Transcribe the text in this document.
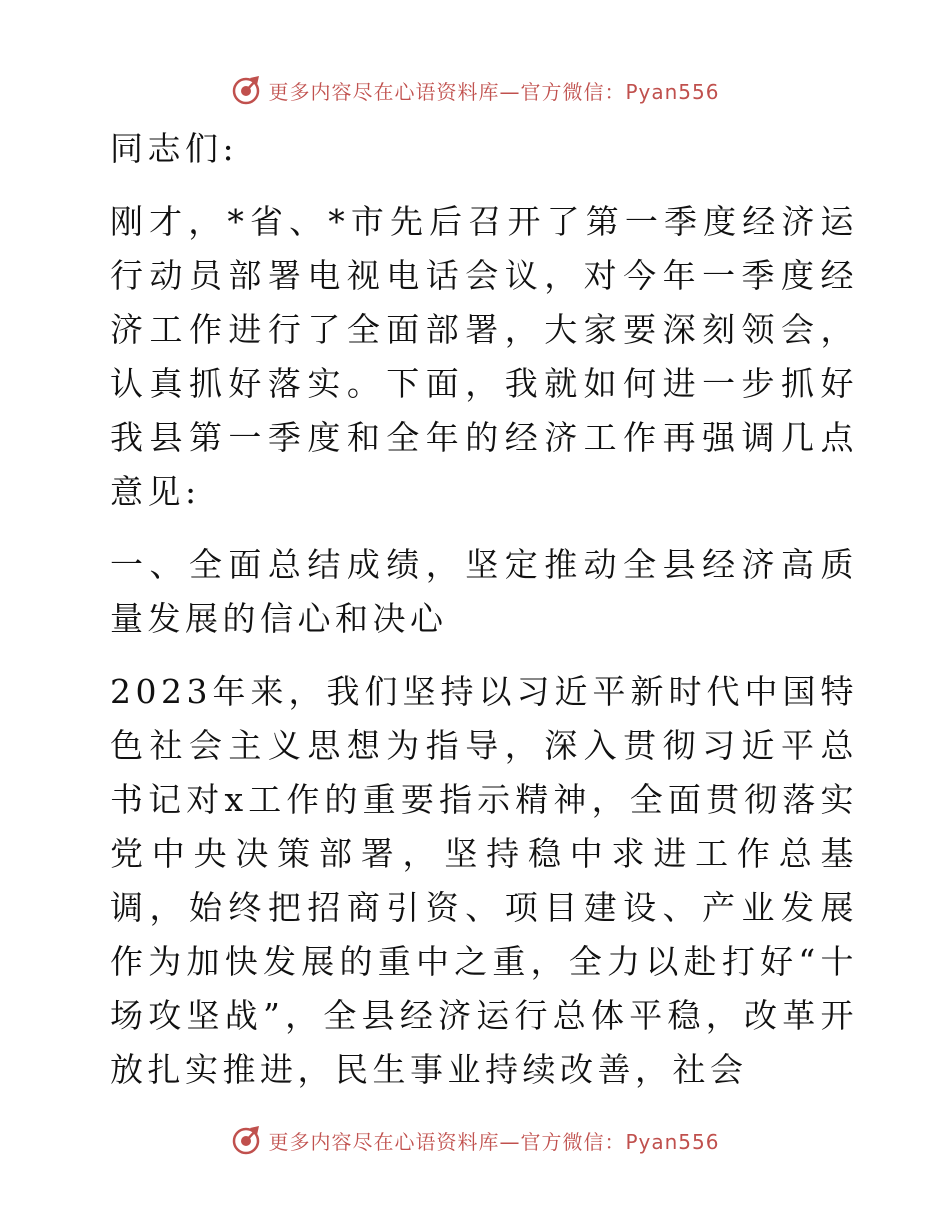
更多内容尽在心语资料库—官方微信：Pyan556

同志们:

刚才，*省、*市先后召开了第一季度经济运行动员部署电视电话会议，对今年一季度经济工作进行了全面部署，大家要深刻领会，认真抓好落实。下面，我就如何进一步抓好我县第一季度和全年的经济工作再强调几点意见:

一、全面总结成绩，坚定推动全县经济高质量发展的信心和决心

2023年来，我们坚持以习近平新时代中国特色社会主义思想为指导，深入贯彻习近平总书记对x工作的重要指示精神，全面贯彻落实党中央决策部署，坚持稳中求进工作总基调，始终把招商引资、项目建设、产业发展作为加快发展的重中之重，全力以赴打好“十场攻坚战”，全县经济运行总体平稳，改革开放扎实推进，民生事业持续改善，社会

更多内容尽在心语资料库—官方微信：Pyan556
